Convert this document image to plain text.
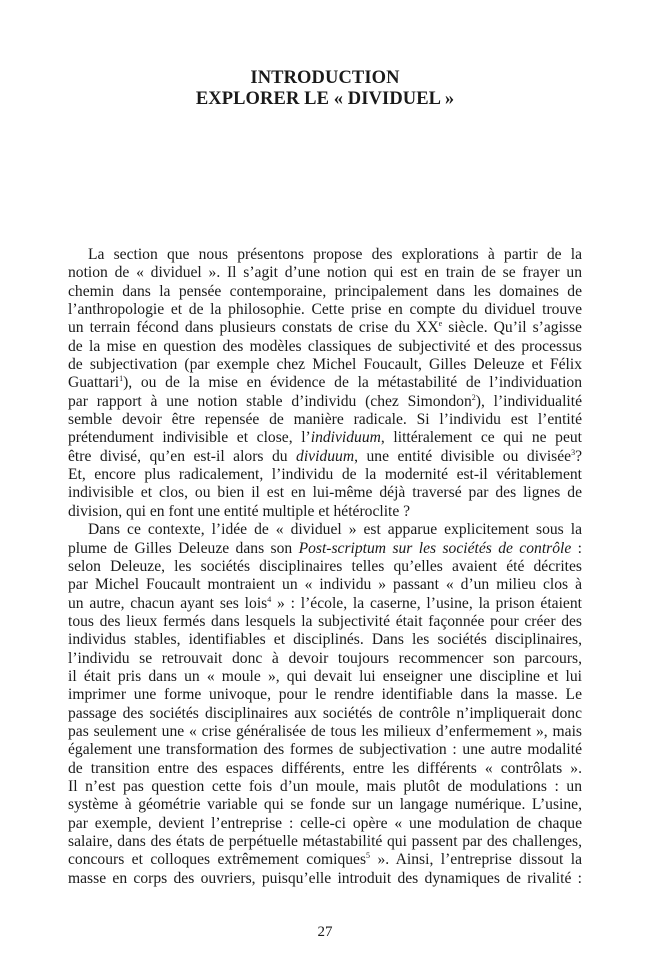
INTRODUCTION
EXPLORER LE « DIVIDUEL »
La section que nous présentons propose des explorations à partir de la
notion de « dividuel ». Il s’agit d’une notion qui est en train de se frayer un
chemin dans la pensée contemporaine, principalement dans les domaines de
l’anthropologie et de la philosophie. Cette prise en compte du dividuel trouve
un terrain fécond dans plusieurs constats de crise du XXe siècle. Qu’il s’agisse
de la mise en question des modèles classiques de subjectivité et des processus
de subjectivation (par exemple chez Michel Foucault, Gilles Deleuze et Félix
Guattari$^1$), ou de la mise en évidence de la métastabilité de l’individuation
par rapport à une notion stable d’individu (chez Simondon$^2$), l’individualité
semble devoir être repensée de manière radicale. Si l’individu est l’entité
prétendument indivisible et close, l’individuum, littéralement ce qui ne peut
être divisé, qu’en est-il alors du dividuum, une entité divisible ou divisée$^3$?
Et, encore plus radicalement, l’individu de la modernité est-il véritablement
indivisible et clos, ou bien il est en lui-même déjà traversé par des lignes de
division, qui en font une entité multiple et hétéroclite ?
Dans ce contexte, l’idée de « dividuel » est apparue explicitement sous la
plume de Gilles Deleuze dans son Post-scriptum sur les sociétés de contrôle :
selon Deleuze, les sociétés disciplinaires telles qu’elles avaient été décrites
par Michel Foucault montraient un « individu » passant « d’un milieu clos à
un autre, chacun ayant ses lois$^4$ » : l’école, la caserne, l’usine, la prison étaient
tous des lieux fermés dans lesquels la subjectivité était façonnée pour créer des
individus stables, identifiables et disciplinés. Dans les sociétés disciplinaires,
l’individu se retrouvait donc à devoir toujours recommencer son parcours,
il était pris dans un « moule », qui devait lui enseigner une discipline et lui
imprimer une forme univoque, pour le rendre identifiable dans la masse. Le
passage des sociétés disciplinaires aux sociétés de contrôle n’impliquerait donc
pas seulement une « crise généralisée de tous les milieux d’enfermement », mais
également une transformation des formes de subjectivation : une autre modalité
de transition entre des espaces différents, entre les différents « contrôlats ».
Il n’est pas question cette fois d’un moule, mais plutôt de modulations : un
système à géométrie variable qui se fonde sur un langage numérique. L’usine,
par exemple, devient l’entreprise : celle-ci opère « une modulation de chaque
salaire, dans des états de perpétuelle métastabilité qui passent par des challenges,
concours et colloques extrêmement comiques$^5$ ». Ainsi, l’entreprise dissout la
masse en corps des ouvriers, puisqu’elle introduit des dynamiques de rivalité :
27
